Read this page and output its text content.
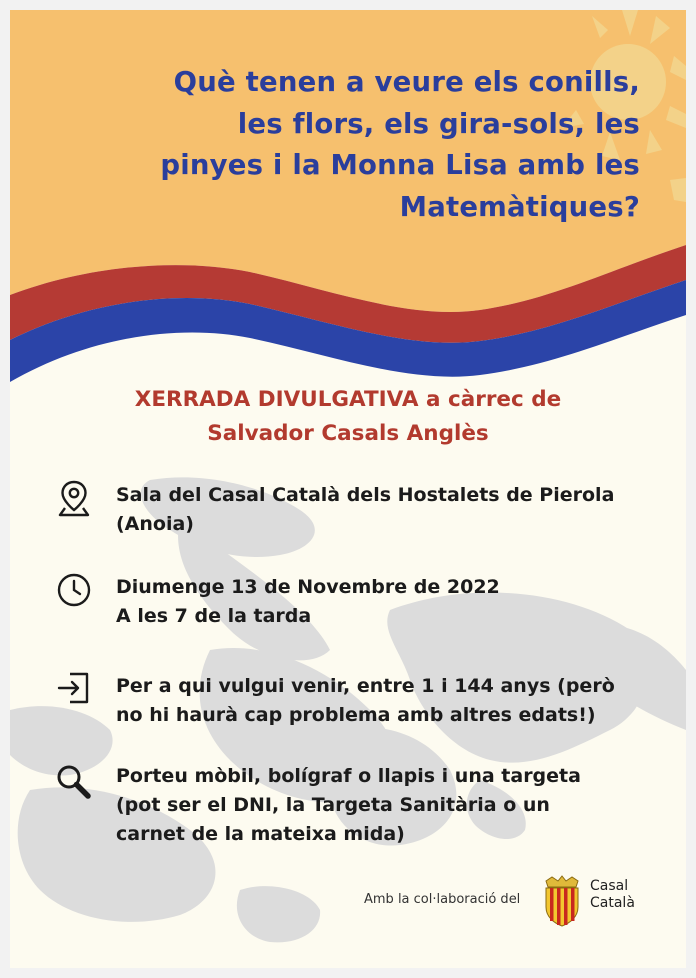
Què tenen a veure els conills,
les flors, els gira-sols, les
pinyes i la Monna Lisa amb les
Matemàtiques?
XERRADA DIVULGATIVA a càrrec de
Salvador Casals Anglès
Sala del Casal Català dels Hostalets de Pierola
(Anoia)
Diumenge 13 de Novembre de 2022
A les 7 de la tarda
Per a qui vulgui venir, entre 1 i 144 anys (però
no hi haurà cap problema amb altres edats!)
Porteu mòbil, bolígraf o llapis i una targeta
(pot ser el DNI, la Targeta Sanitària o un
carnet de la mateixa mida)
Amb la col·laboració del
Casal
Català
